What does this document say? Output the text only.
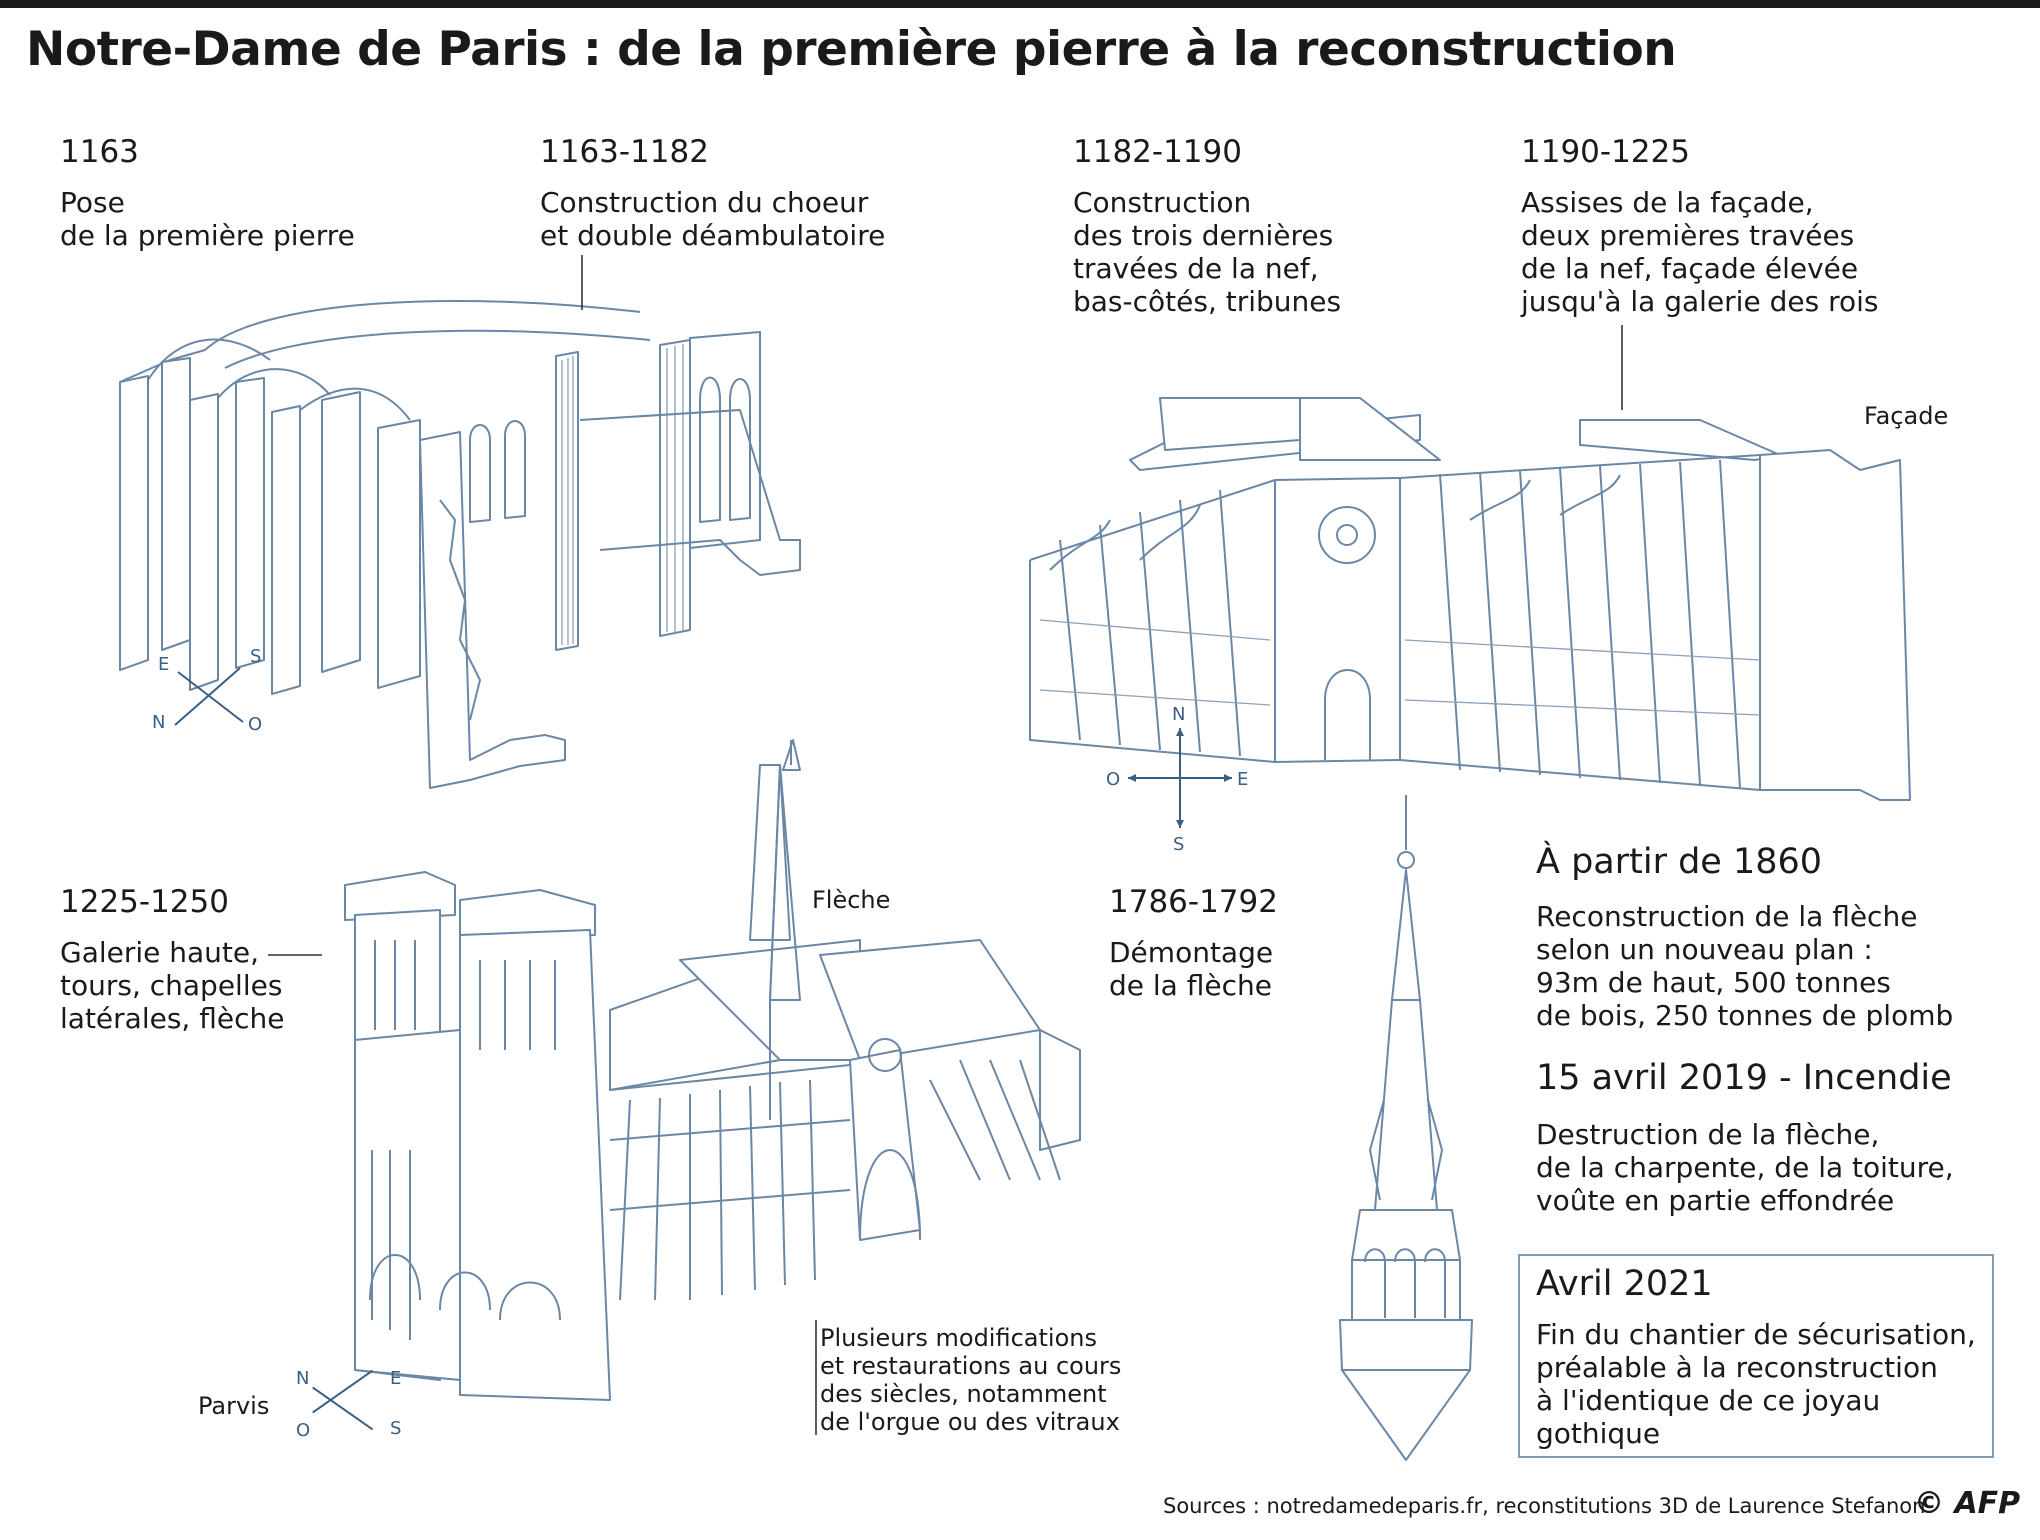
Notre-Dame de Paris : de la première pierre à la reconstruction
N
E	S
O	N
O	E
S
N	E
S
O
1163
Pose
de la première pierre
1163-1182
Construction du choeur
et double déambulatoire
1182-1190
Construction
des trois dernières
travées de la nef,
bas-côtés, tribunes
1190-1225
Assises de la façade,
deux premières travées
de la nef, façade élevée
jusqu'à la galerie des rois
Façade
1225-1250
Galerie haute,
tours, chapelles
latérales, flèche
Flèche
Parvis
Plusieurs modifications
et restaurations au cours
des siècles, notamment
de l'orgue ou des vitraux
1786-1792
Démontage
de la flèche
À partir de 1860
Reconstruction de la flèche
selon un nouveau plan :
93m de haut, 500 tonnes
de bois, 250 tonnes de plomb
15 avril 2019 - Incendie
Destruction de la flèche,
de la charpente, de la toiture,
voûte en partie effondrée
Avril 2021
Fin du chantier de sécurisation,
préalable à la reconstruction
à l'identique de ce joyau
gothique
Sources : notredamedeparis.fr, reconstitutions 3D de Laurence Stefanon
© AFP
